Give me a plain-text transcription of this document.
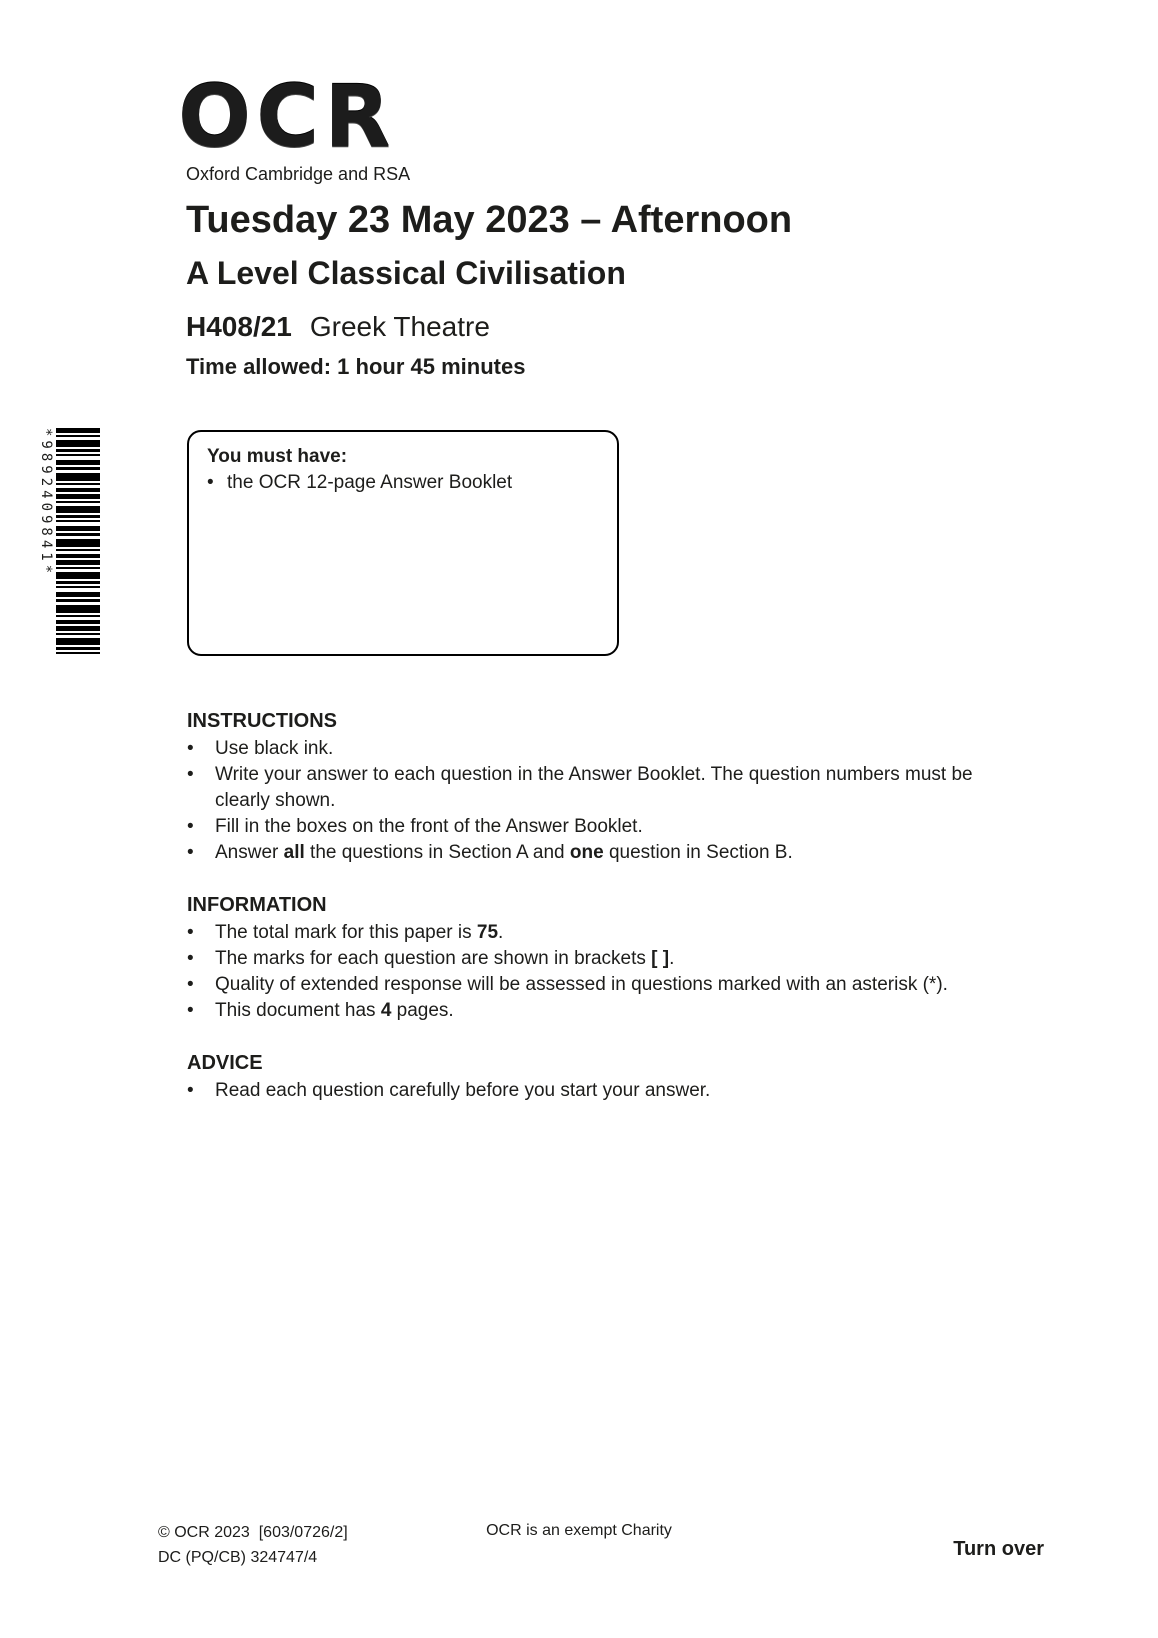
OCR
Oxford Cambridge and RSA
Tuesday 23 May 2023 – Afternoon
A Level Classical Civilisation
H408/21 Greek Theatre

Time allowed: 1 hour 45 minutes

*9892409841*	You must have:

• the OCR 12-page Answer Booklet
INSTRUCTIONS
•	Use black ink.
•	Write your answer to each question in the Answer Booklet. The question numbers must be clearly shown.
•	Fill in the boxes on the front of the Answer Booklet.
•	Answer all the questions in Section A and one question in Section B.
INFORMATION
•	The total mark for this paper is 75.
•	The marks for each question are shown in brackets [ ].
•	Quality of extended response will be assessed in questions marked with an asterisk (*).
•	This document has 4 pages.
ADVICE
•	Read each question carefully before you start your answer.
© OCR 2023  [603/0726/2]
DC (PQ/CB) 324747/4
OCR is an exempt Charity
Turn over
